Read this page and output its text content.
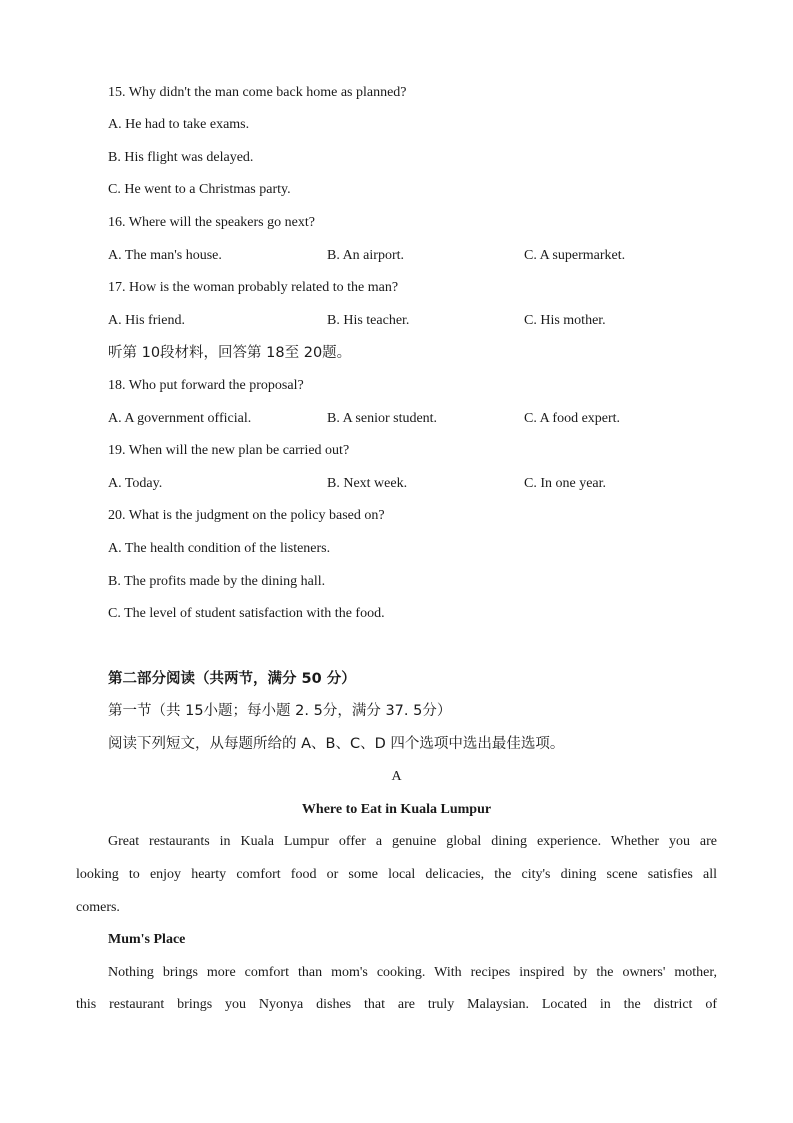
15. Why didn't the man come back home as planned?
A. He had to take exams.
B. His flight was delayed.
C. He went to a Christmas party.
16. Where will the speakers go next?
A. The man's house.	B. An airport.	C. A supermarket.
17. How is the woman probably related to the man?
A. His friend.	B. His teacher.	C. His mother.
听第 10段材料，回答第 18至 20题。
18. Who put forward the proposal?
A. A government official.	B. A senior student.	C. A food expert.
19. When will the new plan be carried out?
A. Today.	B. Next week.	C. In one year.
20. What is the judgment on the policy based on?
A. The health condition of the listeners.
B. The profits made by the dining hall.
C. The level of student satisfaction with the food.
第二部分阅读（共两节，满分 50 分）
第一节（共 15小题；每小题 2. 5分，满分 37. 5分）
阅读下列短文，从每题所给的 A、B、C、D 四个选项中选出最佳选项。
A
Where to Eat in Kuala Lumpur
Great restaurants in Kuala Lumpur offer a genuine global dining experience. Whether you are
looking to enjoy hearty comfort food or some local delicacies, the city's dining scene satisfies all
comers.
Mum's Place
Nothing brings more comfort than mom's cooking. With recipes inspired by the owners' mother,
this restaurant brings you Nyonya dishes that are truly Malaysian. Located in the district of
